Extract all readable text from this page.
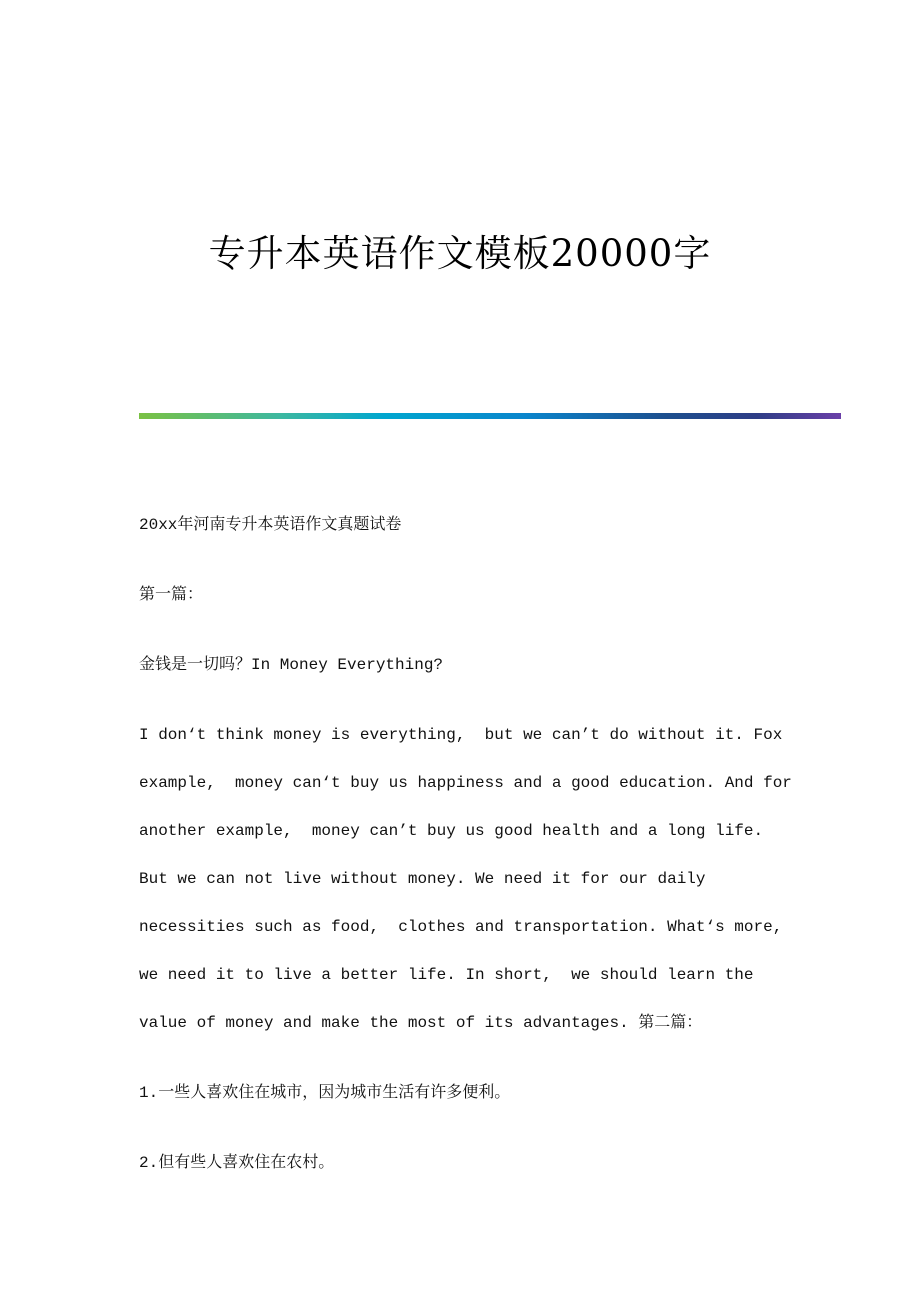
专升本英语作文模板20000字

20xx年河南专升本英语作文真题试卷

第一篇：

金钱是一切吗？In Money Everything?

I don‘t think money is everything,  but we can’t do without it. Fox

example,  money can‘t buy us happiness and a good education. And for

another example,  money can’t buy us good health and a long life.

But we can not live without money. We need it for our daily

necessities such as food,  clothes and transportation. What‘s more,

we need it to live a better life. In short,  we should learn the

value of money and make the most of its advantages. 第二篇：

1.一些人喜欢住在城市，因为城市生活有许多便利。

2.但有些人喜欢住在农村。
